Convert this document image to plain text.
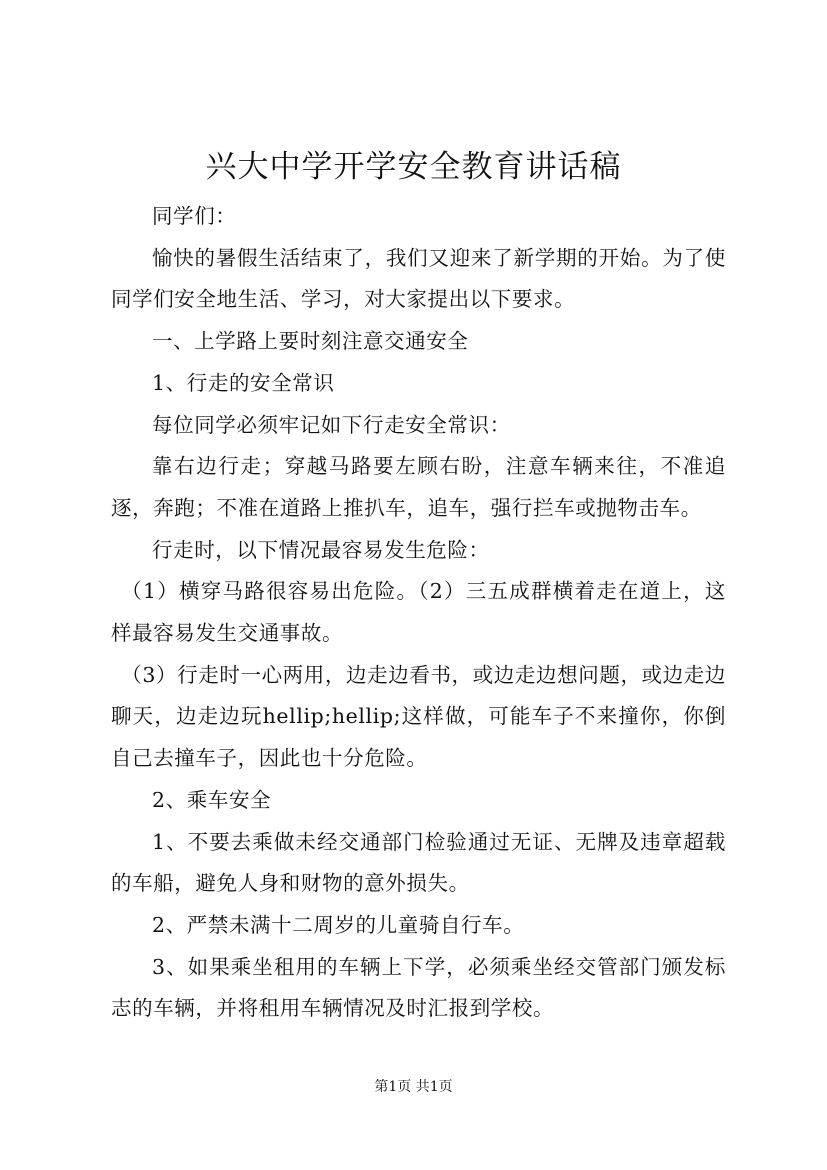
兴大中学开学安全教育讲话稿

同学们：

愉快的暑假生活结束了，我们又迎来了新学期的开始。为了使同学们安全地生活、学习，对大家提出以下要求。

一、上学路上要时刻注意交通安全

1、行走的安全常识

每位同学必须牢记如下行走安全常识：

靠右边行走；穿越马路要左顾右盼，注意车辆来往，不准追逐，奔跑；不准在道路上推扒车，追车，强行拦车或抛物击车。

行走时，以下情况最容易发生危险：

（1）横穿马路很容易出危险。（2）三五成群横着走在道上，这样最容易发生交通事故。

（3）行走时一心两用，边走边看书，或边走边想问题，或边走边聊天，边走边玩hellip;hellip;这样做，可能车子不来撞你，你倒自己去撞车子，因此也十分危险。

2、乘车安全

1、不要去乘做未经交通部门检验通过无证、无牌及违章超载的车船，避免人身和财物的意外损失。

2、严禁未满十二周岁的儿童骑自行车。

3、如果乘坐租用的车辆上下学，必须乘坐经交管部门颁发标志的车辆，并将租用车辆情况及时汇报到学校。

第1页 共1页
